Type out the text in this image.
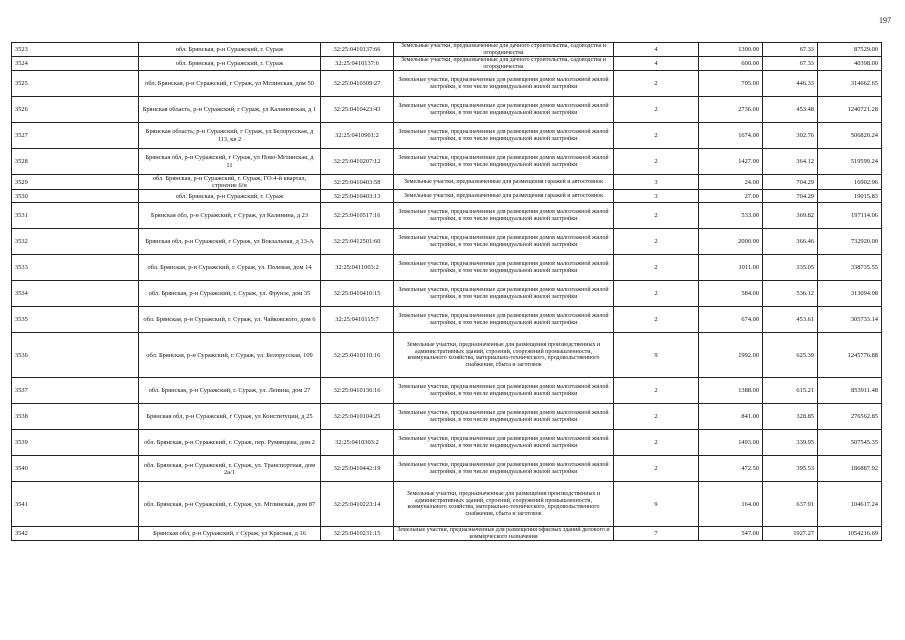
197
3523	обл. Брянская, р-н Суражский, г. Сураж	32:25:0410137:66	Земельные участки, предназначенные для дачного строительства, садоводства и огородничества	4	1300.00	67.33	87529.00
3524	обл. Брянская, р-н Суражский, г. Сураж	32:25:0410137:6	Земельные участки, предназначенные для дачного строительства, садоводства и огородничества	4	600.00	67.33	40398.00
3525	обл. Брянская, р-н Суражский, г Сураж, ул Мглинская, дом 50	32:25:0410309:27	Земельные участки, предназначенные для размещения домов малоэтажной жилой застройки, в том числе индивидуальной жилой застройки	2	705.00	446.33	314662.65
3526	Брянская область, р-н Суражский, г Сураж, ул Калиновская, д 1	32:25:0410423:43	Земельные участки, предназначенные для размещения домов малоэтажной жилой застройки, в том числе индивидуальной жилой застройки	2	2736.00	453.48	1240721.28
3527	Брянская область, р-н Суражский, г Сураж, ул Белорусская, д 113, кв 2	32:25:0410901:2	Земельные участки, предназначенные для размещения домов малоэтажной жилой застройки, в том числе индивидуальной жилой застройки	2	1674.00	302.76	506820.24
3528	Брянская обл, р-н Суражский, г Сураж, ул Ново-Мглинская, д 11	32:25:0410207:12	Земельные участки, предназначенные для размещения домов малоэтажной жилой застройки, в том числе индивидуальной жилой застройки	2	1427.00	364.12	519599.24
3529	обл. Брянская, р-н Суражский, г. Сураж, ГО 4-й квартал, строение 6/н	32:25:0410403:58	Земельные участки, предназначенные для размещения гаражей и автостоянок	3	24.00	704.29	16902.96
3530	обл. Брянская, р-н Суражский, г. Сураж	32:25:0410403:13	Земельные участки, предназначенные для размещения гаражей и автостоянок	3	27.00	704.29	19015.83
3531	Брянская обл, р-н Суражский, г Сураж, ул Калинина, д 23	32:25:0410517:16	Земельные участки, предназначенные для размещения домов малоэтажной жилой застройки, в том числе индивидуальной жилой застройки	2	533.00	369.82	197114.06
3532	Брянская обл, р-н Суражский, г Сураж, ул Вокзальная, д 13-А	32:25:0412501:60	Земельные участки, предназначенные для размещения домов малоэтажной жилой застройки, в том числе индивидуальной жилой застройки	2	2000.00	366.46	732920.00
3533	обл. Брянская, р-н Суражский, г. Сураж, ул. Полевая, дом 14	32:25:0411003:2	Земельные участки, предназначенные для размещения домов малоэтажной жилой застройки, в том числе индивидуальной жилой застройки	2	1011.00	335.05	338735.55
3534	обл. Брянская, р-н Суражский, г. Сураж, ул. Фрунзе, дом 35	32:25:0410410:15	Земельные участки, предназначенные для размещения домов малоэтажной жилой застройки, в том числе индивидуальной жилой застройки	2	584.00	536.12	313094.08
3535	обл. Брянская, р-н Суражский, г. Сураж, ул. Чайковского, дом 6	32:25:0410115:7	Земельные участки, предназначенные для размещения домов малоэтажной жилой застройки, в том числе индивидуальной жилой застройки	2	674.00	453.61	305733.14
3536	обл. Брянская, р-н Суражский, г. Сураж, ул. Белорусская, 109	32:25:0410110:16	Земельные участки, предназначенные для размещения производственных и административных зданий, строений, сооружений промышленности, коммунального хозяйства, материально-технического, продовольственного снабжения, сбыта и заготовок	9	1992.00	625.39	1245776.88
3537	обл. Брянская, р-н Суражский, г. Сураж, ул. Ленина, дом 27	32:25:0410136:16	Земельные участки, предназначенные для размещения домов малоэтажной жилой застройки, в том числе индивидуальной жилой застройки	2	1388.00	615.21	853911.48
3538	Брянская обл, р-н Суражский, г Сураж, ул Конституции, д 25	32:25:0410104:25	Земельные участки, предназначенные для размещения домов малоэтажной жилой застройки, в том числе индивидуальной жилой застройки	2	841.00	328.85	276562.85
3539	обл. Брянская, р-н Суражский, г. Сураж, пер. Румянцева, дом 2	32:25:0410303:2	Земельные участки, предназначенные для размещения домов малоэтажной жилой застройки, в том числе индивидуальной жилой застройки	2	1493.00	339.95	507545.35
3540	обл. Брянская, р-н Суражский, г. Сураж, ул. Транспортная, дом 2а/1	32:25:0410442:19	Земельные участки, предназначенные для размещения домов малоэтажной жилой застройки, в том числе индивидуальной жилой застройки	2	472.50	395.53	186887.92
3541	обл. Брянская, р-н Суражский, г. Сураж, ул. Мглинская, дом 87	32:25:0410223:14	Земельные участки, предназначенные для размещения производственных и административных зданий, строений, сооружений промышленности, коммунального хозяйства, материально-технического, продовольственного снабжения, сбыта и заготовок	9	164.00	637.91	104617.24
3542	Брянская обл, р-н Суражский, г Сураж, ул Красная, д 16	32:25:0410231:15	Земельные участки, предназначенные для размещения офисных зданий делового и коммерческого назначения	7	547.00	1927.27	1054216.69
